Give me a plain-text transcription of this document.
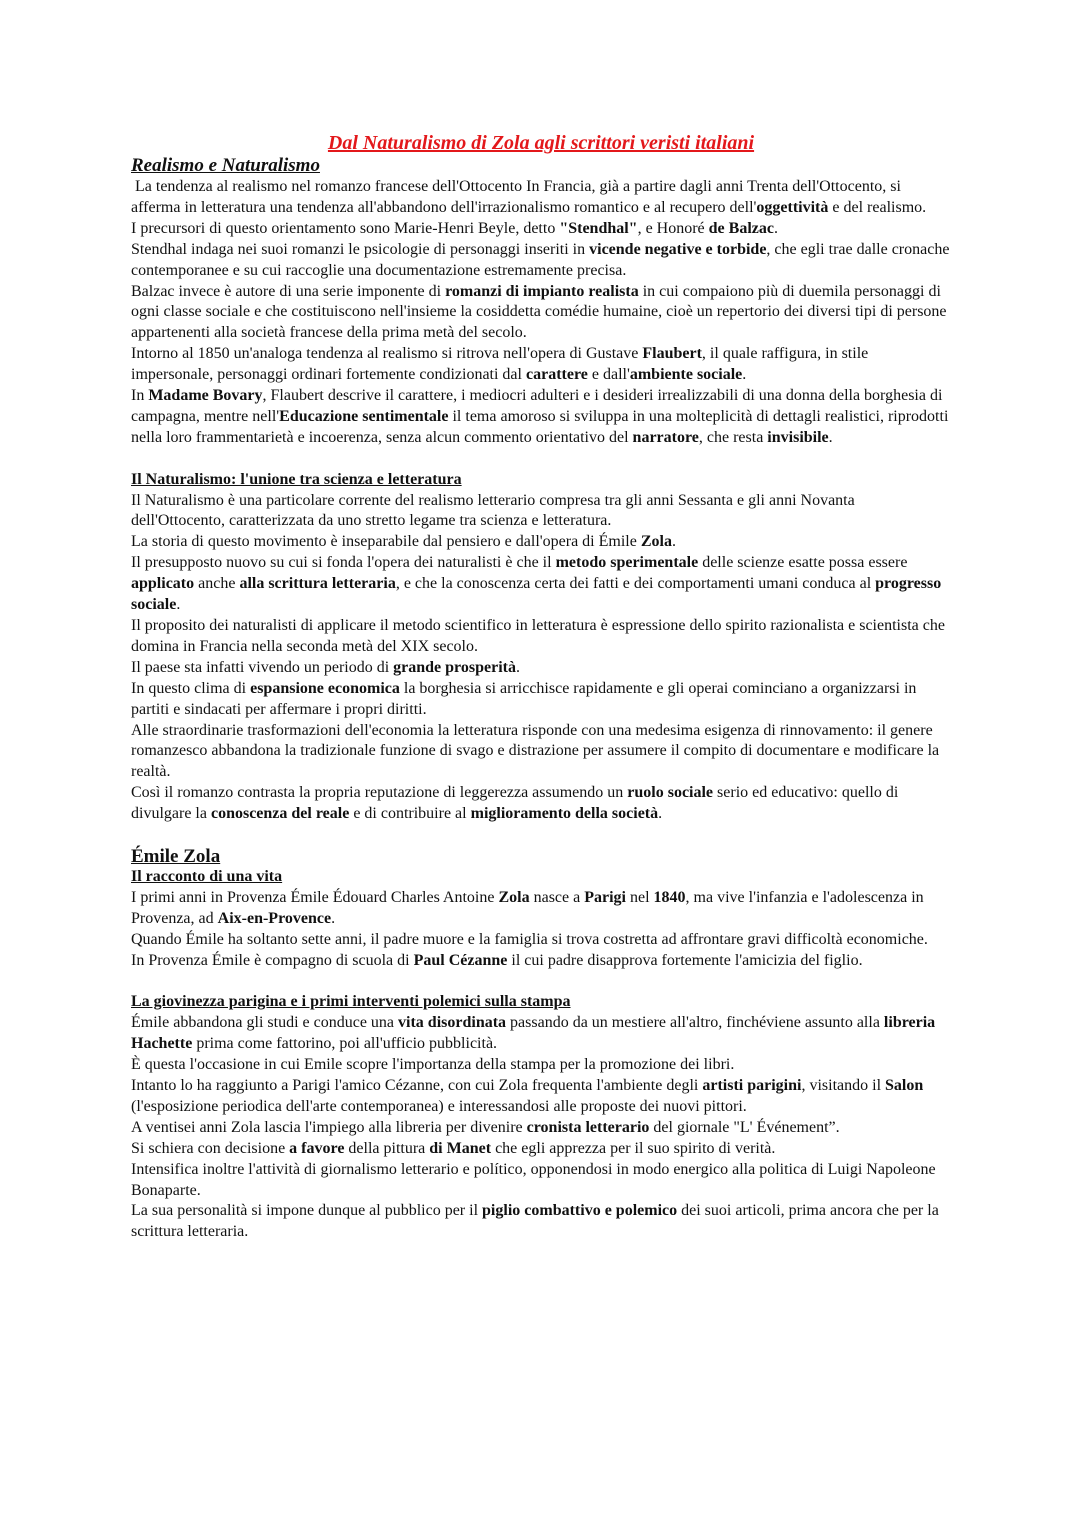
Dal Naturalismo di Zola agli scrittori veristi italiani
Realismo e Naturalismo

La tendenza al realismo nel romanzo francese dell'Ottocento In Francia, già a partire dagli anni Trenta dell'Ottocento, si afferma in letteratura una tendenza all'abbandono dell'irrazionalismo romantico e al recupero dell'oggettività e del realismo.

I precursori di questo orientamento sono Marie-Henri Beyle, detto "Stendhal", e Honoré de Balzac.

Stendhal indaga nei suoi romanzi le psicologie di personaggi inseriti in vicende negative e torbide, che egli trae dalle cronache contemporanee e su cui raccoglie una documentazione estremamente precisa.

Balzac invece è autore di una serie imponente di romanzi di impianto realista in cui compaiono più di duemila personaggi di ogni classe sociale e che costituiscono nell'insieme la cosiddetta comédie humaine, cioè un repertorio dei diversi tipi di persone appartenenti alla società francese della prima metà del secolo.

Intorno al 1850 un'analoga tendenza al realismo si ritrova nell'opera di Gustave Flaubert, il quale raffigura, in stile impersonale, personaggi ordinari fortemente condizionati dal carattere e dall'ambiente sociale.

In Madame Bovary, Flaubert descrive il carattere, i mediocri adulteri e i desideri irrealizzabili di una donna della borghesia di campagna, mentre nell'Educazione sentimentale il tema amoroso si sviluppa in una molteplicità di dettagli realistici, riprodotti nella loro frammentarietà e incoerenza, senza alcun commento orientativo del narratore, che resta invisibile.

Il Naturalismo: l'unione tra scienza e letteratura

Il Naturalismo è una particolare corrente del realismo letterario compresa tra gli anni Sessanta e gli anni Novanta dell'Ottocento, caratterizzata da uno stretto legame tra scienza e letteratura.

La storia di questo movimento è inseparabile dal pensiero e dall'opera di Émile Zola.

Il presupposto nuovo su cui si fonda l'opera dei naturalisti è che il metodo sperimentale delle scienze esatte possa essere applicato anche alla scrittura letteraria, e che la conoscenza certa dei fatti e dei comportamenti umani conduca al progresso sociale.

Il proposito dei naturalisti di applicare il metodo scientifico in letteratura è espressione dello spirito razionalista e scientista che domina in Francia nella seconda metà del XIX secolo.

Il paese sta infatti vivendo un periodo di grande prosperità.

In questo clima di espansione economica la borghesia si arricchisce rapidamente e gli operai cominciano a organizzarsi in partiti e sindacati per affermare i propri diritti.

Alle straordinarie trasformazioni dell'economia la letteratura risponde con una medesima esigenza di rinnovamento: il genere romanzesco abbandona la tradizionale funzione di svago e distrazione per assumere il compito di documentare e modificare la realtà.

Così il romanzo contrasta la propria reputazione di leggerezza assumendo un ruolo sociale serio ed educativo: quello di divulgare la conoscenza del reale e di contribuire al miglioramento della società.

Émile Zola
Il racconto di una vita

I primi anni in Provenza Émile Édouard Charles Antoine Zola nasce a Parigi nel 1840, ma vive l'infanzia e l'adolescenza in Provenza, ad Aix-en-Provence.

Quando Émile ha soltanto sette anni, il padre muore e la famiglia si trova costretta ad affrontare gravi difficoltà economiche.

In Provenza Émile è compagno di scuola di Paul Cézanne il cui padre disapprova fortemente l'amicizia del figlio.

La giovinezza parigina e i primi interventi polemici sulla stampa

Émile abbandona gli studi e conduce una vita disordinata passando da un mestiere all'altro, finchéviene assunto alla libreria Hachette prima come fattorino, poi all'ufficio pubblicità.

È questa l'occasione in cui Emile scopre l'importanza della stampa per la promozione dei libri.

Intanto lo ha raggiunto a Parigi l'amico Cézanne, con cui Zola frequenta l'ambiente degli artisti parigini, visitando il Salon (l'esposizione periodica dell'arte contemporanea) e interessandosi alle proposte dei nuovi pittori.

A ventisei anni Zola lascia l'impiego alla libreria per divenire cronista letterario del giornale "L' Événement”.

Si schiera con decisione a favore della pittura di Manet che egli apprezza per il suo spirito di verità.

Intensifica inoltre l'attività di giornalismo letterario e político, opponendosi in modo energico alla politica di Luigi Napoleone Bonaparte.

La sua personalità si impone dunque al pubblico per il piglio combattivo e polemico dei suoi articoli, prima ancora che per la scrittura letteraria.
